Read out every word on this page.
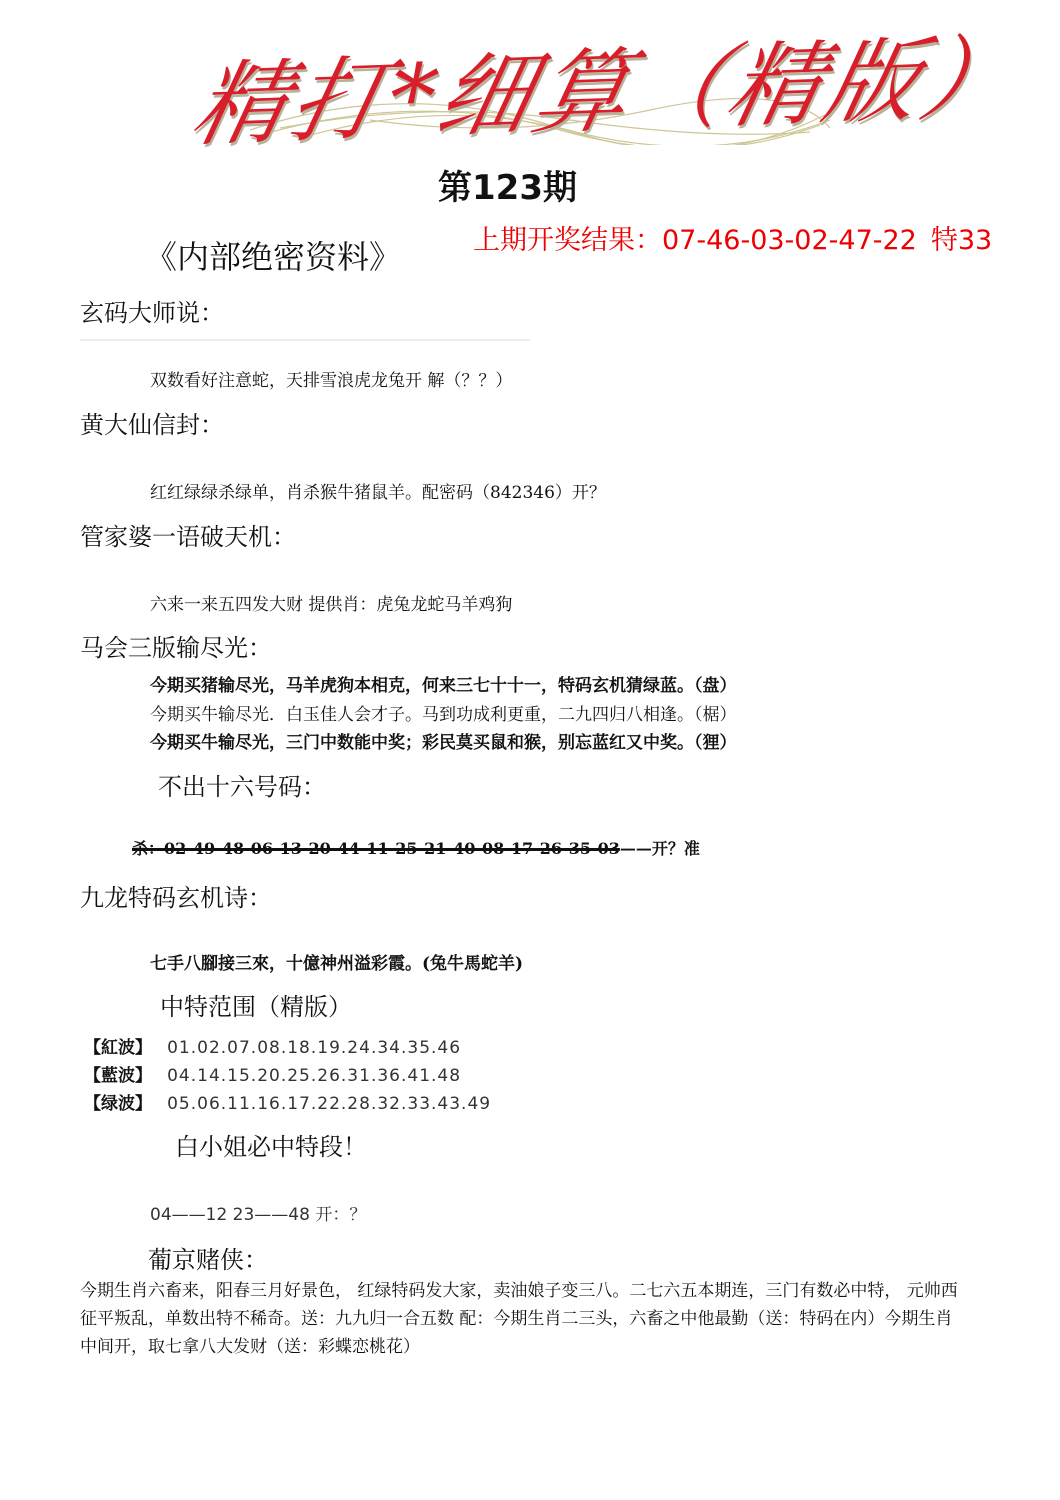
精打*细算（精版）
第123期
上期开奖结果：07-46-03-02-47-22 特33
《内部绝密资料》
玄码大师说：
双数看好注意蛇，天排雪浪虎龙兔开 解（？？）
黄大仙信封：
红红绿绿杀绿单，肖杀猴牛猪鼠羊。配密码（842346）开？
管家婆一语破天机：
六来一来五四发大财 提供肖：虎兔龙蛇马羊鸡狗
马会三版输尽光：
今期买猪输尽光，马羊虎狗本相克，何来三七十十一，特码玄机猜绿蓝。（盘）
今期买牛输尽光．白玉佳人会才子。马到功成利更重，二九四归八相逢。（椐）
今期买牛输尽光，三门中数能中奖；彩民莫买鼠和猴，别忘蓝红又中奖。（狸）
不出十六号码：
杀：02-49-48-06-13-20-44-11-25-21-40-08-17-26-35-03——开？准
九龙特码玄机诗：
七手八腳接三來，十億神州溢彩霞。(兔牛馬蛇羊)
中特范围（精版）
【紅波】 01.02.07.08.18.19.24.34.35.46
【藍波】 04.14.15.20.25.26.31.36.41.48
【绿波】 05.06.11.16.17.22.28.32.33.43.49
白小姐必中特段！
04——12 23——48 开：？
葡京赌侠：
今期生肖六畜来，阳春三月好景色， 红绿特码发大家，卖油娘子变三八。二七六五本期连，三门有数必中特， 元帅西征平叛乱，单数出特不稀奇。送：九九归一合五数 配：今期生肖二三头，六畜之中他最勤（送：特码在内）今期生肖中间开，取七拿八大发财（送：彩蝶恋桃花）
